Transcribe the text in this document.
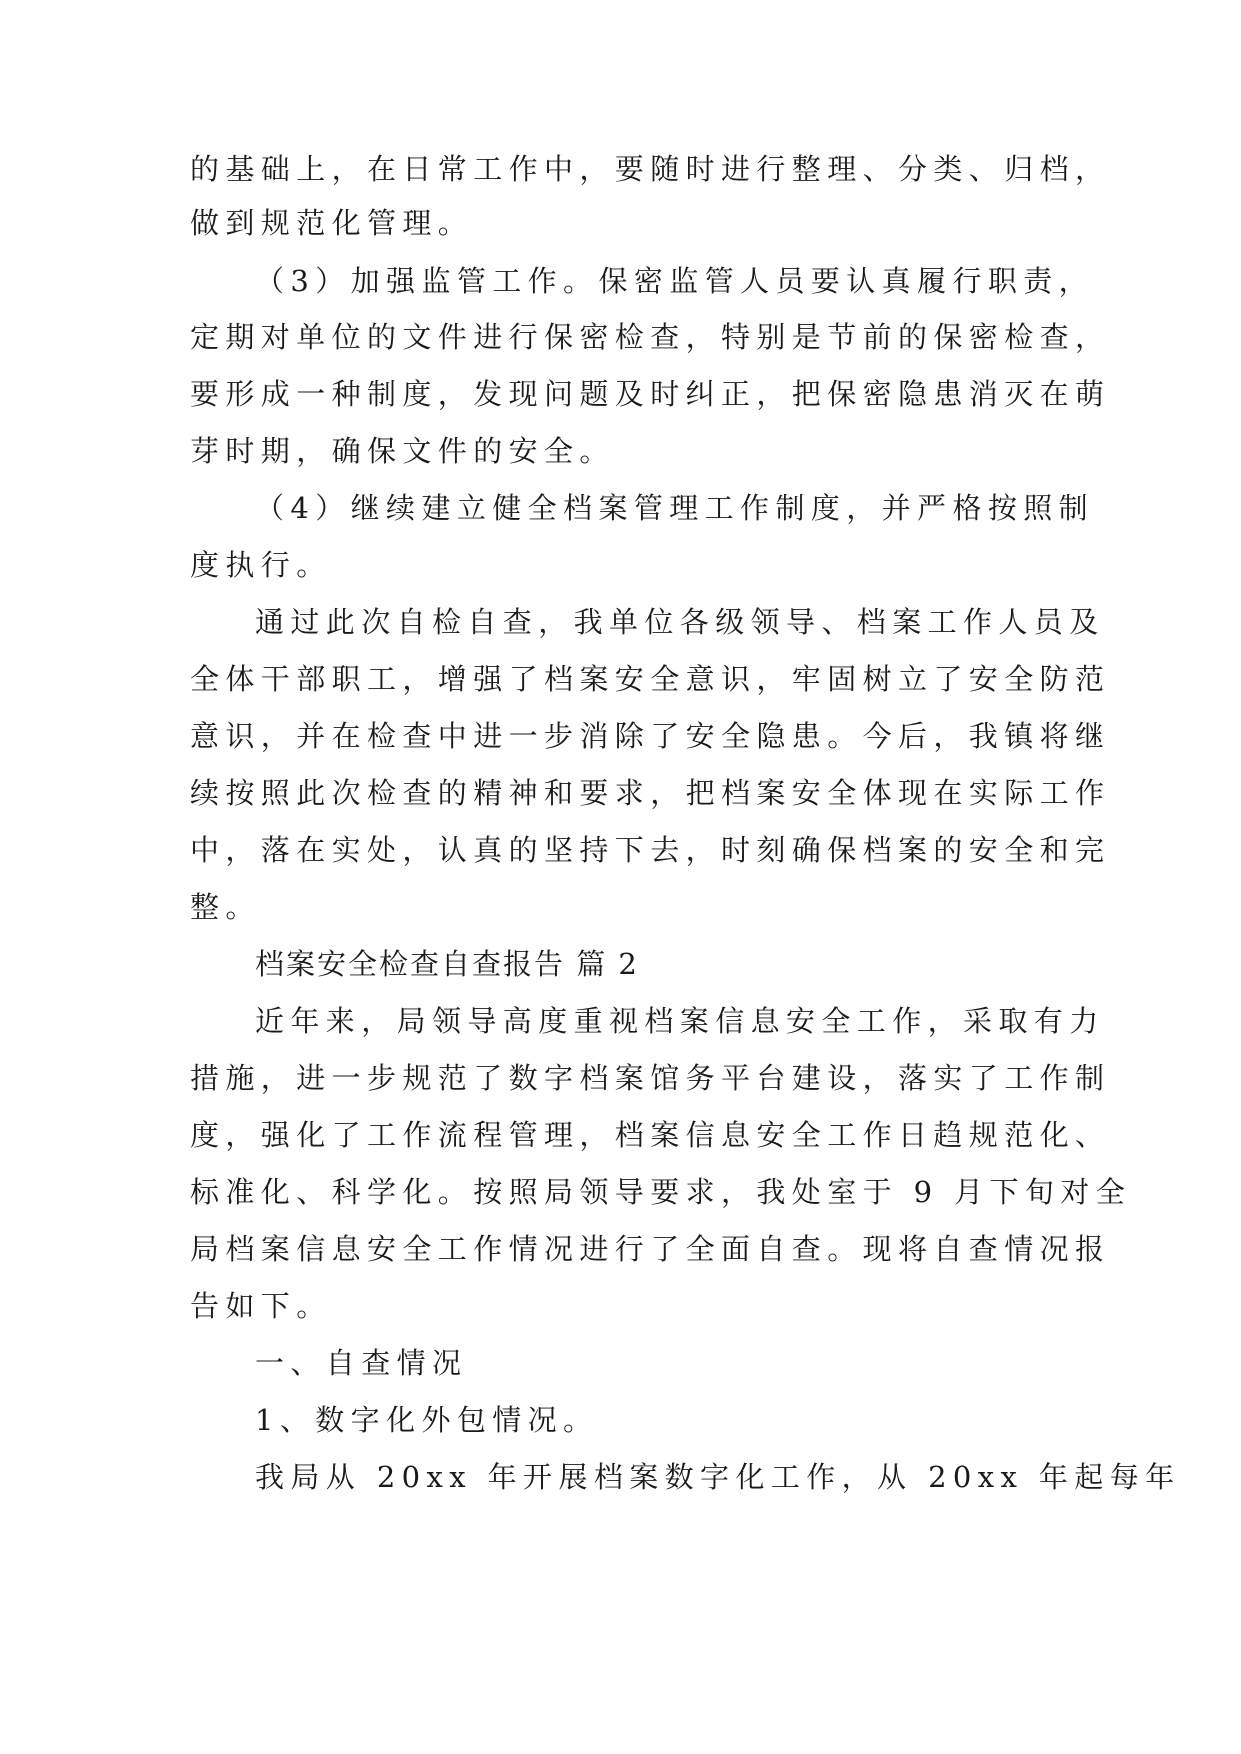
的基础上，在日常工作中，要随时进行整理、分类、归档，
做到规范化管理。
（3）加强监管工作。保密监管人员要认真履行职责，
定期对单位的文件进行保密检查，特别是节前的保密检查，
要形成一种制度，发现问题及时纠正，把保密隐患消灭在萌
芽时期，确保文件的安全。
（4）继续建立健全档案管理工作制度，并严格按照制
度执行。
通过此次自检自查，我单位各级领导、档案工作人员及
全体干部职工，增强了档案安全意识，牢固树立了安全防范
意识，并在检查中进一步消除了安全隐患。今后，我镇将继
续按照此次检查的精神和要求，把档案安全体现在实际工作
中，落在实处，认真的坚持下去，时刻确保档案的安全和完
整。
档案安全检查自查报告 篇 2
近年来，局领导高度重视档案信息安全工作，采取有力
措施，进一步规范了数字档案馆务平台建设，落实了工作制
度，强化了工作流程管理，档案信息安全工作日趋规范化、
标准化、科学化。按照局领导要求，我处室于 9 月下旬对全
局档案信息安全工作情况进行了全面自查。现将自查情况报
告如下。
一、自查情况
1、数字化外包情况。
我局从 20xx 年开展档案数字化工作，从 20xx 年起每年
